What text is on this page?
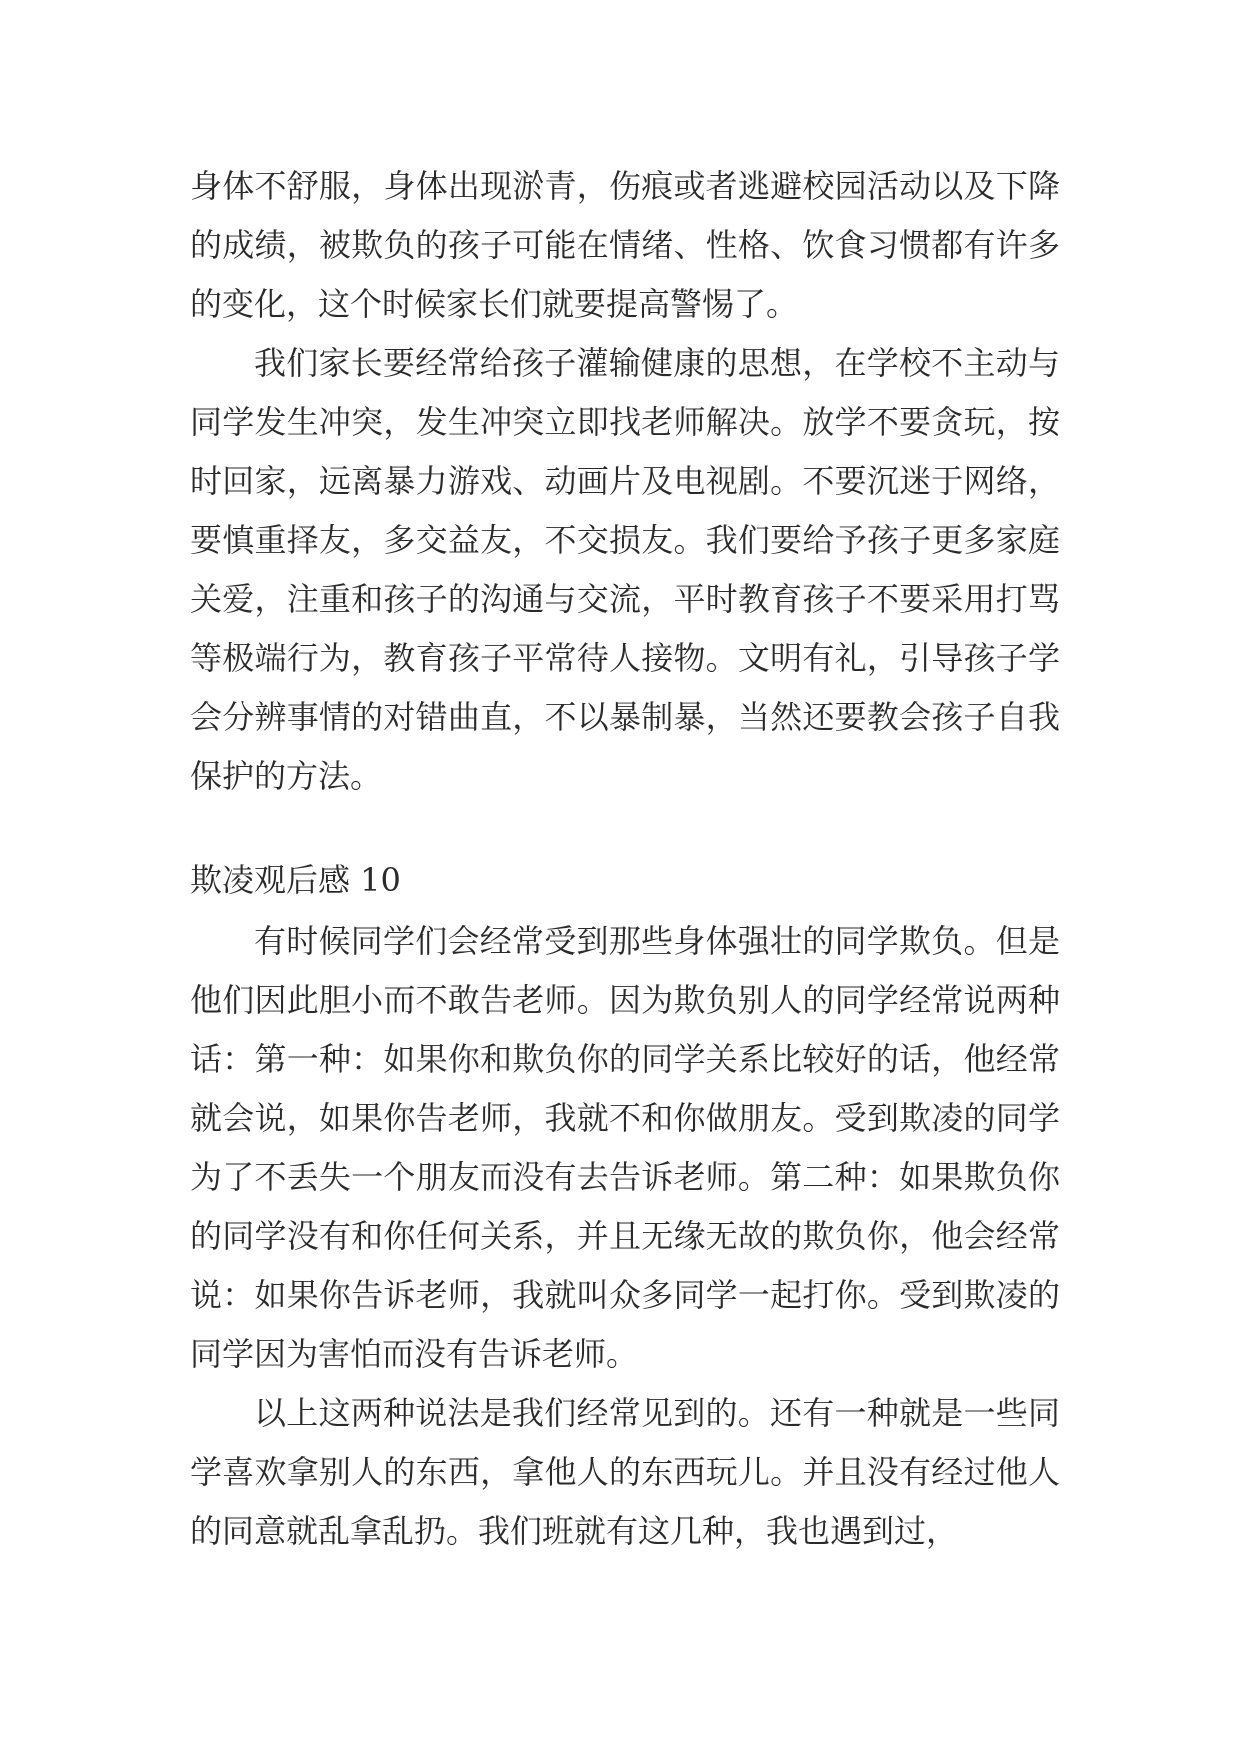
身体不舒服，身体出现淤青，伤痕或者逃避校园活动以及下降的成绩，被欺负的孩子可能在情绪、性格、饮食习惯都有许多的变化，这个时候家长们就要提高警惕了。

我们家长要经常给孩子灌输健康的思想，在学校不主动与同学发生冲突，发生冲突立即找老师解决。放学不要贪玩，按时回家，远离暴力游戏、动画片及电视剧。不要沉迷于网络，要慎重择友，多交益友，不交损友。我们要给予孩子更多家庭关爱，注重和孩子的沟通与交流，平时教育孩子不要采用打骂等极端行为，教育孩子平常待人接物。文明有礼，引导孩子学会分辨事情的对错曲直，不以暴制暴，当然还要教会孩子自我保护的方法。

欺凌观后感 10

有时候同学们会经常受到那些身体强壮的同学欺负。但是他们因此胆小而不敢告老师。因为欺负别人的同学经常说两种话：第一种：如果你和欺负你的同学关系比较好的话，他经常就会说，如果你告老师，我就不和你做朋友。受到欺凌的同学为了不丢失一个朋友而没有去告诉老师。第二种：如果欺负你的同学没有和你任何关系，并且无缘无故的欺负你，他会经常说：如果你告诉老师，我就叫众多同学一起打你。受到欺凌的同学因为害怕而没有告诉老师。

以上这两种说法是我们经常见到的。还有一种就是一些同学喜欢拿别人的东西，拿他人的东西玩儿。并且没有经过他人的同意就乱拿乱扔。我们班就有这几种，我也遇到过，
